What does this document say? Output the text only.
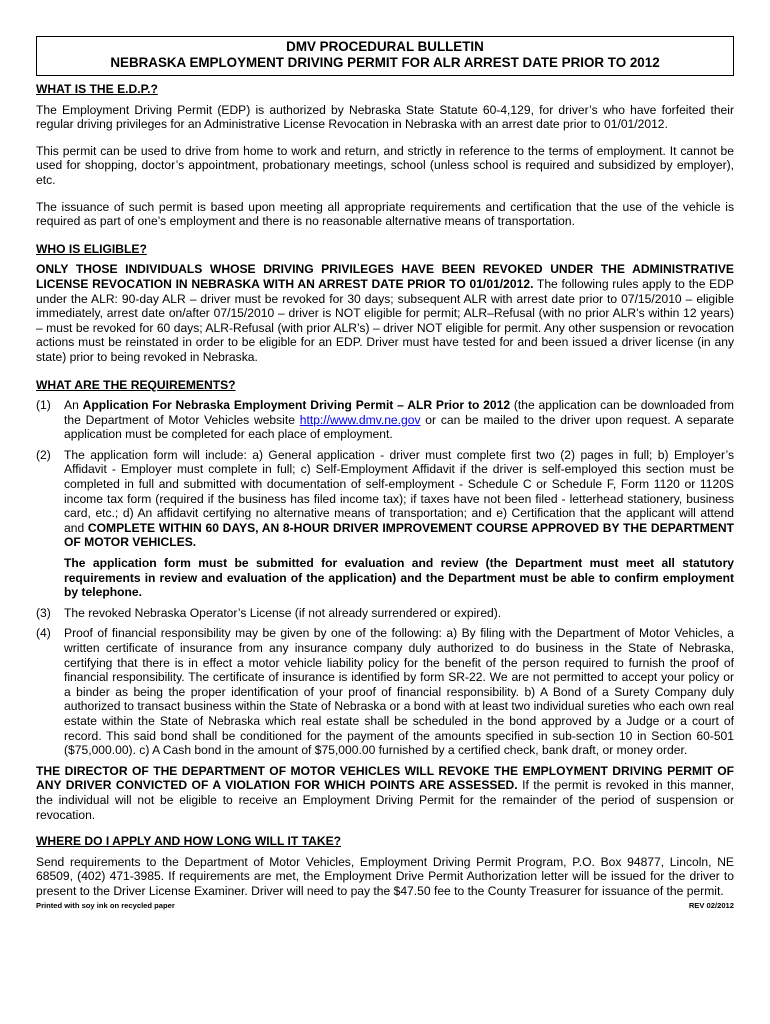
DMV PROCEDURAL BULLETIN
NEBRASKA EMPLOYMENT DRIVING PERMIT FOR ALR ARREST DATE PRIOR TO 2012
WHAT IS THE E.D.P.?

The Employment Driving Permit (EDP) is authorized by Nebraska State Statute 60-4,129, for driver’s who have forfeited their regular driving privileges for an Administrative License Revocation in Nebraska with an arrest date prior to 01/01/2012.

This permit can be used to drive from home to work and return, and strictly in reference to the terms of employment. It cannot be used for shopping, doctor’s appointment, probationary meetings, school (unless school is required and subsidized by employer), etc.

The issuance of such permit is based upon meeting all appropriate requirements and certification that the use of the vehicle is required as part of one’s employment and there is no reasonable alternative means of transportation.

WHO IS ELIGIBLE?

ONLY THOSE INDIVIDUALS WHOSE DRIVING PRIVILEGES HAVE BEEN REVOKED UNDER THE ADMINISTRATIVE LICENSE REVOCATION IN NEBRASKA WITH AN ARREST DATE PRIOR TO 01/01/2012. The following rules apply to the EDP under the ALR: 90-day ALR – driver must be revoked for 30 days; subsequent ALR with arrest date prior to 07/15/2010 – eligible immediately, arrest date on/after 07/15/2010 – driver is NOT eligible for permit; ALR–Refusal (with no prior ALR’s within 12 years) – must be revoked for 60 days; ALR-Refusal (with prior ALR’s) – driver NOT eligible for permit. Any other suspension or revocation actions must be reinstated in order to be eligible for an EDP. Driver must have tested for and been issued a driver license (in any state) prior to being revoked in Nebraska.

WHAT ARE THE REQUIREMENTS?
(1)	An Application For Nebraska Employment Driving Permit – ALR Prior to 2012 (the application can be downloaded from the Department of Motor Vehicles website http://www.dmv.ne.gov or can be mailed to the driver upon request. A separate application must be completed for each place of employment.
(2)	The application form will include: a) General application - driver must complete first two (2) pages in full; b) Employer’s Affidavit - Employer must complete in full; c) Self-Employment Affidavit if the driver is self-employed this section must be completed in full and submitted with documentation of self-employment - Schedule C or Schedule F, Form 1120 or 1120S income tax form (required if the business has filed income tax); if taxes have not been filed - letterhead stationery, business card, etc.; d) An affidavit certifying no alternative means of transportation; and e) Certification that the applicant will attend and COMPLETE WITHIN 60 DAYS, AN 8-HOUR DRIVER IMPROVEMENT COURSE APPROVED BY THE DEPARTMENT OF MOTOR VEHICLES.

The application form must be submitted for evaluation and review (the Department must meet all statutory requirements in review and evaluation of the application) and the Department must be able to confirm employment by telephone.

(3)	The revoked Nebraska Operator’s License (if not already surrendered or expired).
(4)	Proof of financial responsibility may be given by one of the following: a) By filing with the Department of Motor Vehicles, a written certificate of insurance from any insurance company duly authorized to do business in the State of Nebraska, certifying that there is in effect a motor vehicle liability policy for the benefit of the person required to furnish the proof of financial responsibility. The certificate of insurance is identified by form SR-22. We are not permitted to accept your policy or a binder as being the proper identification of your proof of financial responsibility. b) A Bond of a Surety Company duly authorized to transact business within the State of Nebraska or a bond with at least two individual sureties who each own real estate within the State of Nebraska which real estate shall be scheduled in the bond approved by a Judge or a court of record. This said bond shall be conditioned for the payment of the amounts specified in sub-section 10 in Section 60-501 ($75,000.00). c) A Cash bond in the amount of $75,000.00 furnished by a certified check, bank draft, or money order.

THE DIRECTOR OF THE DEPARTMENT OF MOTOR VEHICLES WILL REVOKE THE EMPLOYMENT DRIVING PERMIT OF ANY DRIVER CONVICTED OF A VIOLATION FOR WHICH POINTS ARE ASSESSED. If the permit is revoked in this manner, the individual will not be eligible to receive an Employment Driving Permit for the remainder of the period of suspension or revocation.

WHERE DO I APPLY AND HOW LONG WILL IT TAKE?

Send requirements to the Department of Motor Vehicles, Employment Driving Permit Program, P.O. Box 94877, Lincoln, NE 68509, (402) 471-3985. If requirements are met, the Employment Drive Permit Authorization letter will be issued for the driver to present to the Driver License Examiner. Driver will need to pay the $47.50 fee to the County Treasurer for issuance of the permit.

Printed with soy ink on recycled paper	REV 02/2012
